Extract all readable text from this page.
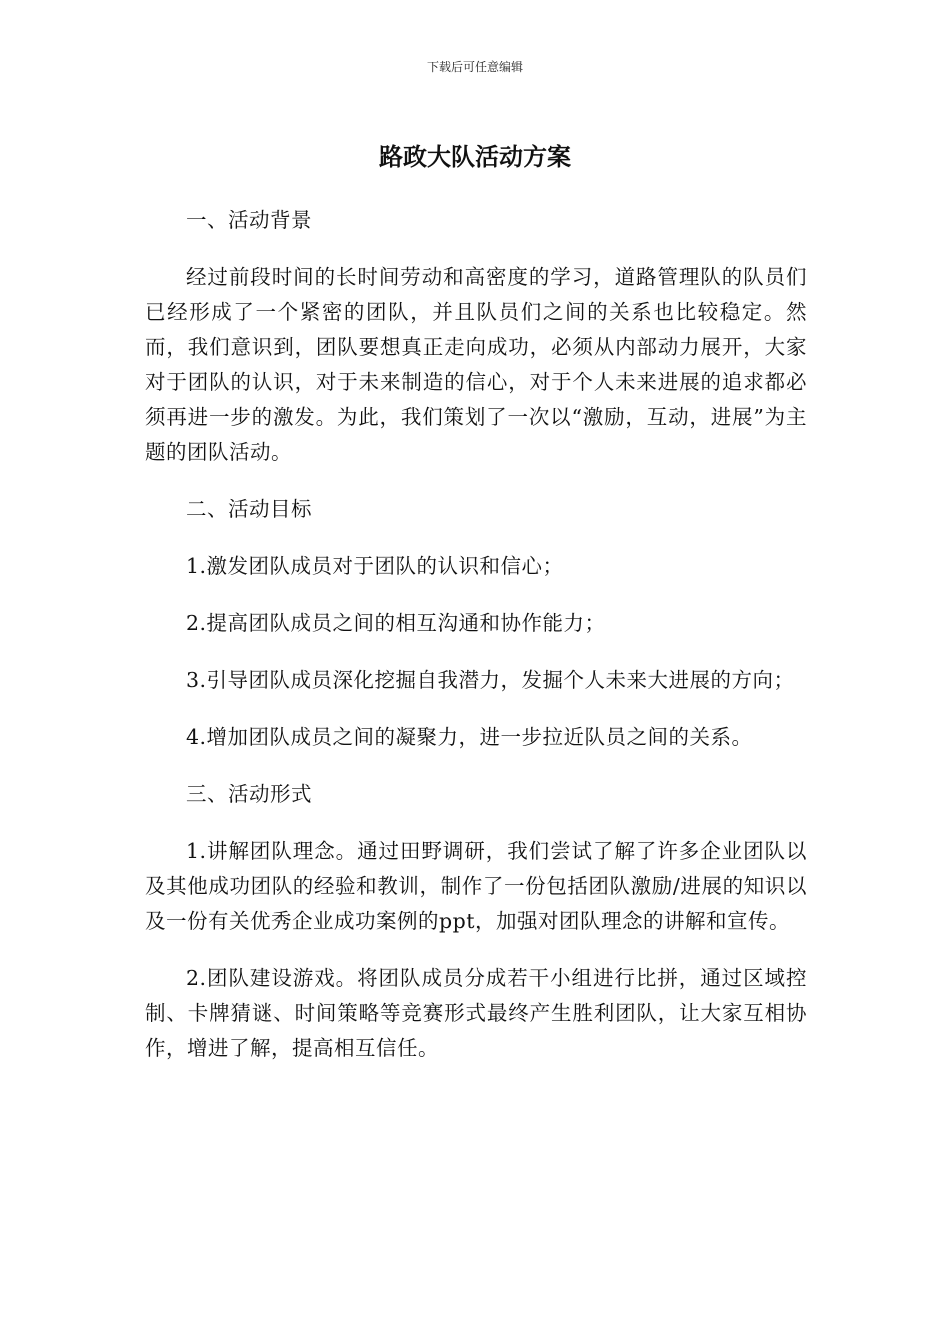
下载后可任意编辑
路政大队活动方案

一、活动背景

经过前段时间的长时间劳动和高密度的学习，道路管理队的队员们已经形成了一个紧密的团队，并且队员们之间的关系也比较稳定。然而，我们意识到，团队要想真正走向成功，必须从内部动力展开，大家对于团队的认识，对于未来制造的信心，对于个人未来进展的追求都必须再进一步的激发。为此，我们策划了一次以“激励，互动，进展”为主题的团队活动。

二、活动目标

1.激发团队成员对于团队的认识和信心；

2.提高团队成员之间的相互沟通和协作能力；

3.引导团队成员深化挖掘自我潜力，发掘个人未来大进展的方向；

4.增加团队成员之间的凝聚力，进一步拉近队员之间的关系。

三、活动形式

1.讲解团队理念。通过田野调研，我们尝试了解了许多企业团队以及其他成功团队的经验和教训，制作了一份包括团队激励/进展的知识以及一份有关优秀企业成功案例的ppt，加强对团队理念的讲解和宣传。

2.团队建设游戏。将团队成员分成若干小组进行比拼，通过区域控制、卡牌猜谜、时间策略等竞赛形式最终产生胜利团队，让大家互相协作，增进了解，提高相互信任。
